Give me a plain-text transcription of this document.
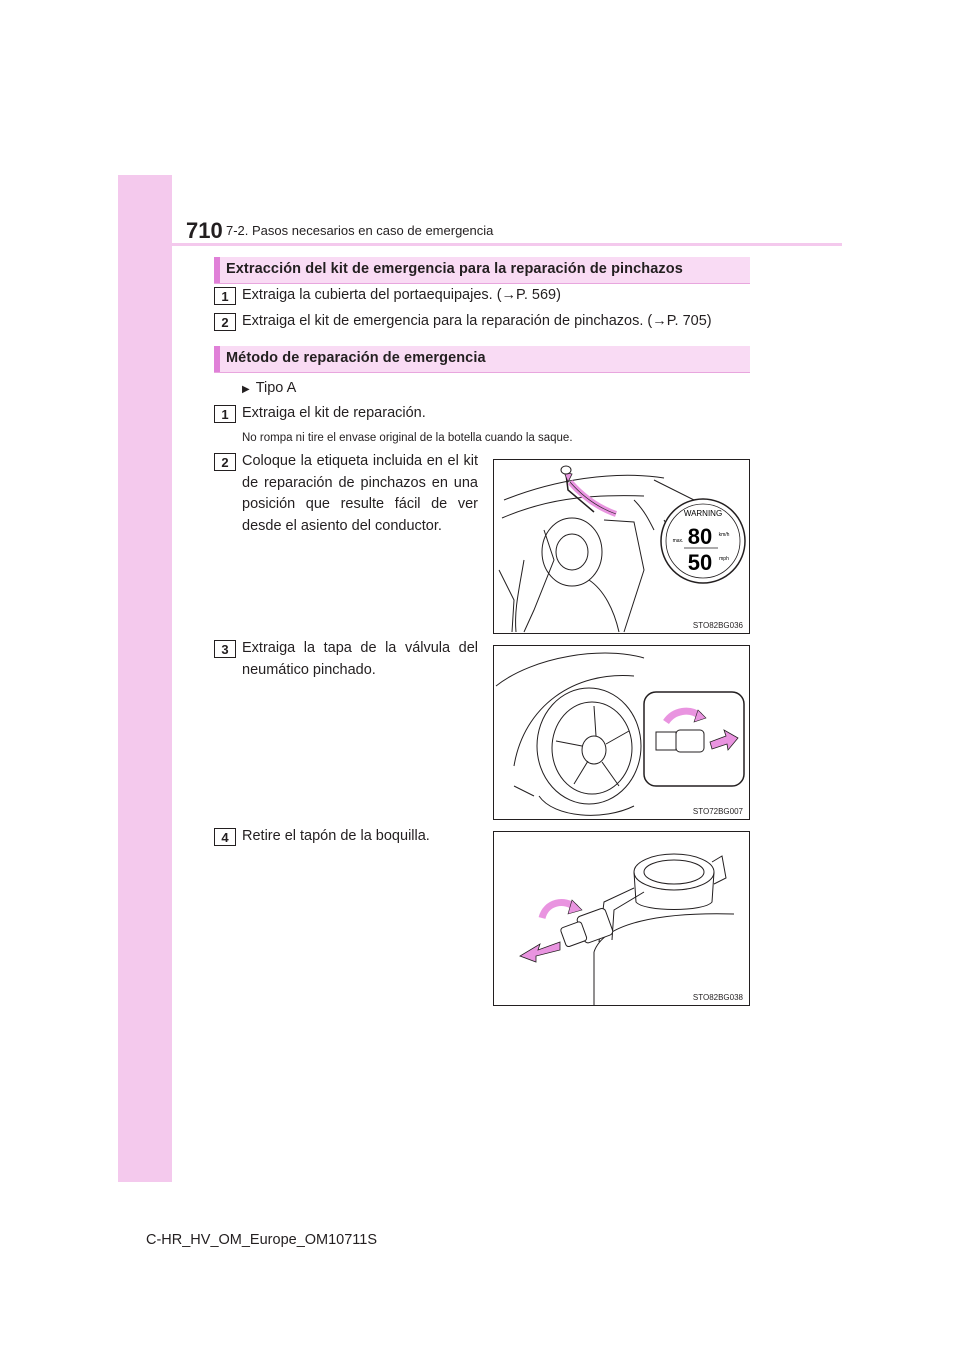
710 7-2. Pasos necesarios en caso de emergencia
Extracción del kit de emergencia para la reparación de pinchazos
1 Extraiga la cubierta del portaequipajes. (→P. 569)
2 Extraiga el kit de emergencia para la reparación de pinchazos. (→P. 705)
Método de reparación de emergencia
▶ Tipo A
1 Extraiga el kit de reparación.
No rompa ni tire el envase original de la botella cuando la saque.
2 Coloque la etiqueta incluida en el kit de reparación de pinchazos en una posición que resulte fácil de ver desde el asiento del conductor.
3 Extraiga la tapa de la válvula del neumático pinchado.
4 Retire el tapón de la boquilla.
WARNING
max. 80 km/h
50 mph
STO82BG036
STO72BG007
STO82BG038
C-HR_HV_OM_Europe_OM10711S
